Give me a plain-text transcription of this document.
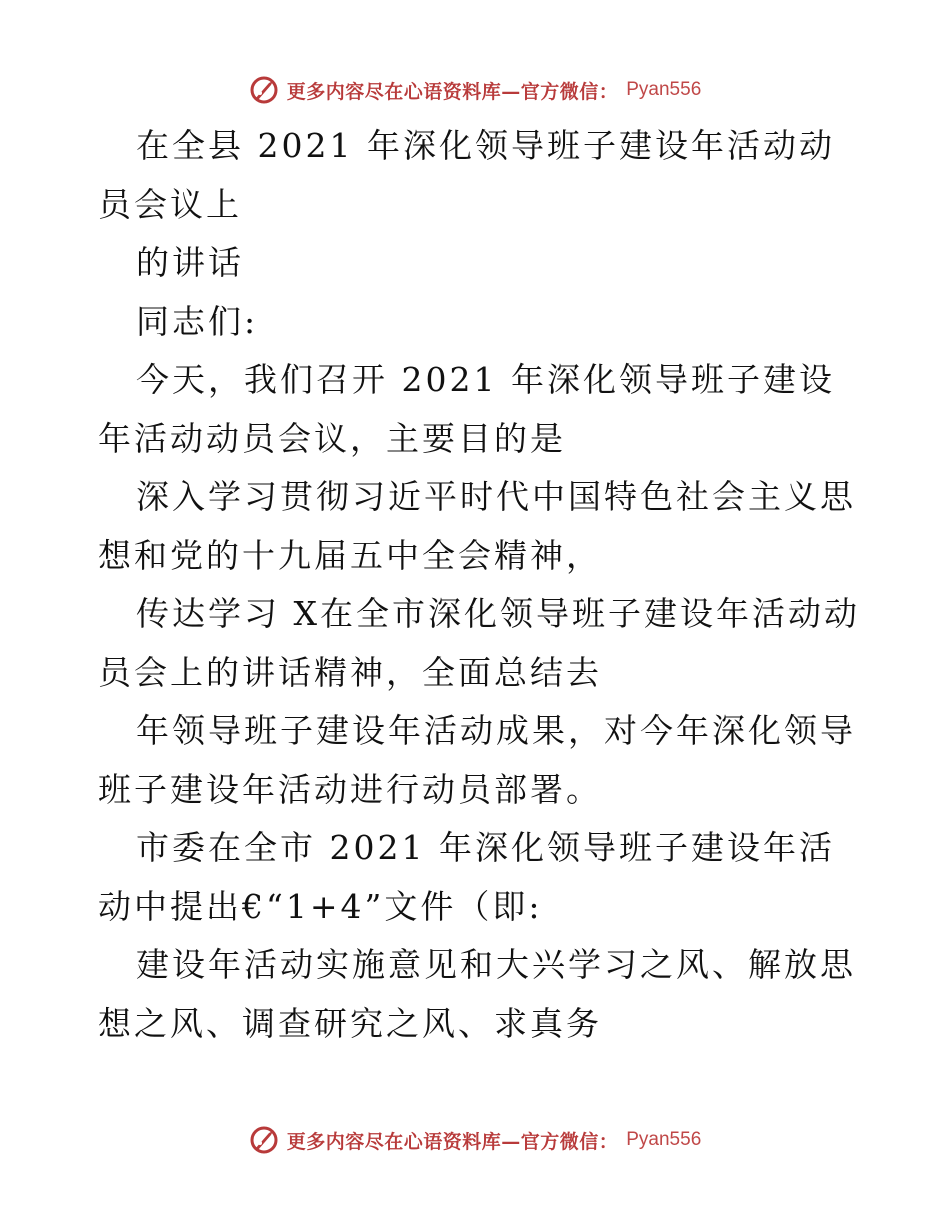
更多内容尽在心语资料库—官方微信： Pyan556

在全县 2021 年深化领导班子建设年活动动员会议上

的讲话

同志们:

今天，我们召开 2021 年深化领导班子建设年活动动员会议，主要目的是

深入学习贯彻习近平时代中国特色社会主义思想和党的十九届五中全会精神，

传达学习 X在全市深化领导班子建设年活动动员会上的讲话精神，全面总结去

年领导班子建设年活动成果，对今年深化领导班子建设年活动进行动员部署。

市委在全市 2021 年深化领导班子建设年活动中提出€“1+4”文件（即:

建设年活动实施意见和大兴学习之风、解放思想之风、调查研究之风、求真务

更多内容尽在心语资料库—官方微信： Pyan556
